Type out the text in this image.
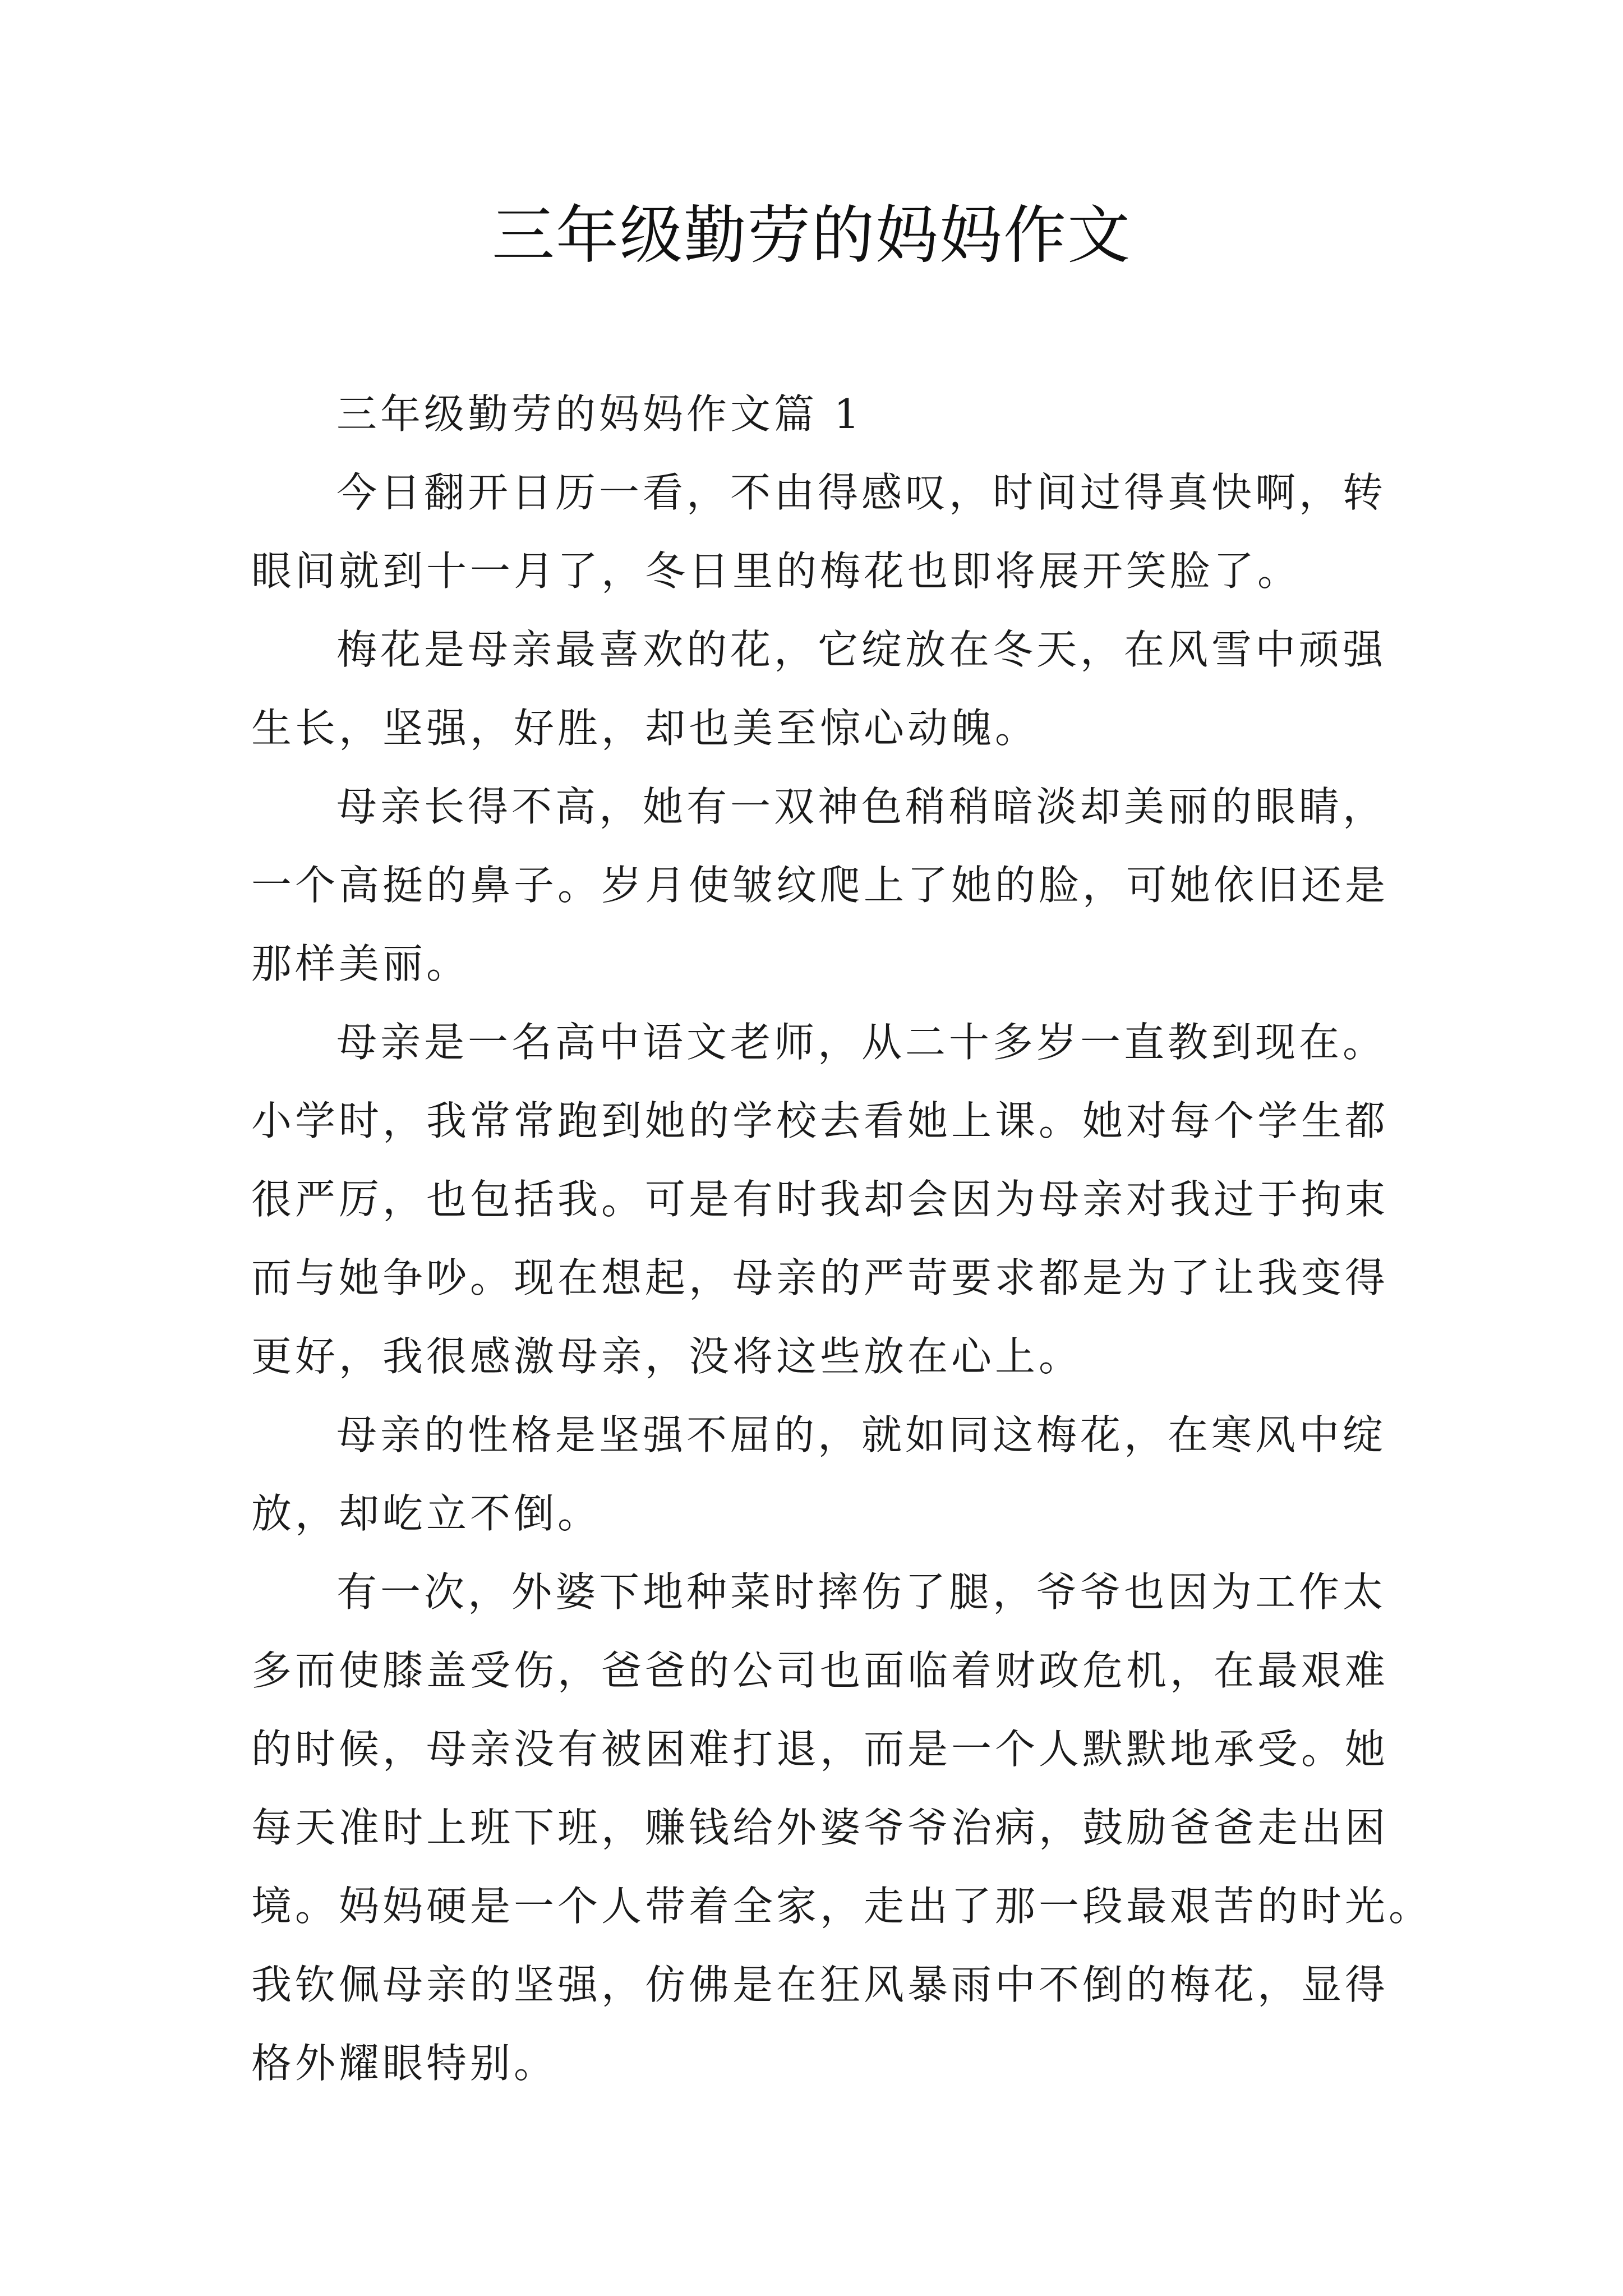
三年级勤劳的妈妈作文
三年级勤劳的妈妈作文篇 1
今日翻开日历一看，不由得感叹，时间过得真快啊，转
眼间就到十一月了，冬日里的梅花也即将展开笑脸了。
梅花是母亲最喜欢的花，它绽放在冬天，在风雪中顽强
生长，坚强，好胜，却也美至惊心动魄。
母亲长得不高，她有一双神色稍稍暗淡却美丽的眼睛，
一个高挺的鼻子。岁月使皱纹爬上了她的脸，可她依旧还是
那样美丽。
母亲是一名高中语文老师，从二十多岁一直教到现在。
小学时，我常常跑到她的学校去看她上课。她对每个学生都
很严厉，也包括我。可是有时我却会因为母亲对我过于拘束
而与她争吵。现在想起，母亲的严苛要求都是为了让我变得
更好，我很感激母亲，没将这些放在心上。
母亲的性格是坚强不屈的，就如同这梅花，在寒风中绽
放，却屹立不倒。
有一次，外婆下地种菜时摔伤了腿，爷爷也因为工作太
多而使膝盖受伤，爸爸的公司也面临着财政危机，在最艰难
的时候，母亲没有被困难打退，而是一个人默默地承受。她
每天准时上班下班，赚钱给外婆爷爷治病，鼓励爸爸走出困
境。妈妈硬是一个人带着全家，走出了那一段最艰苦的时光。
我钦佩母亲的坚强，仿佛是在狂风暴雨中不倒的梅花，显得
格外耀眼特别。
